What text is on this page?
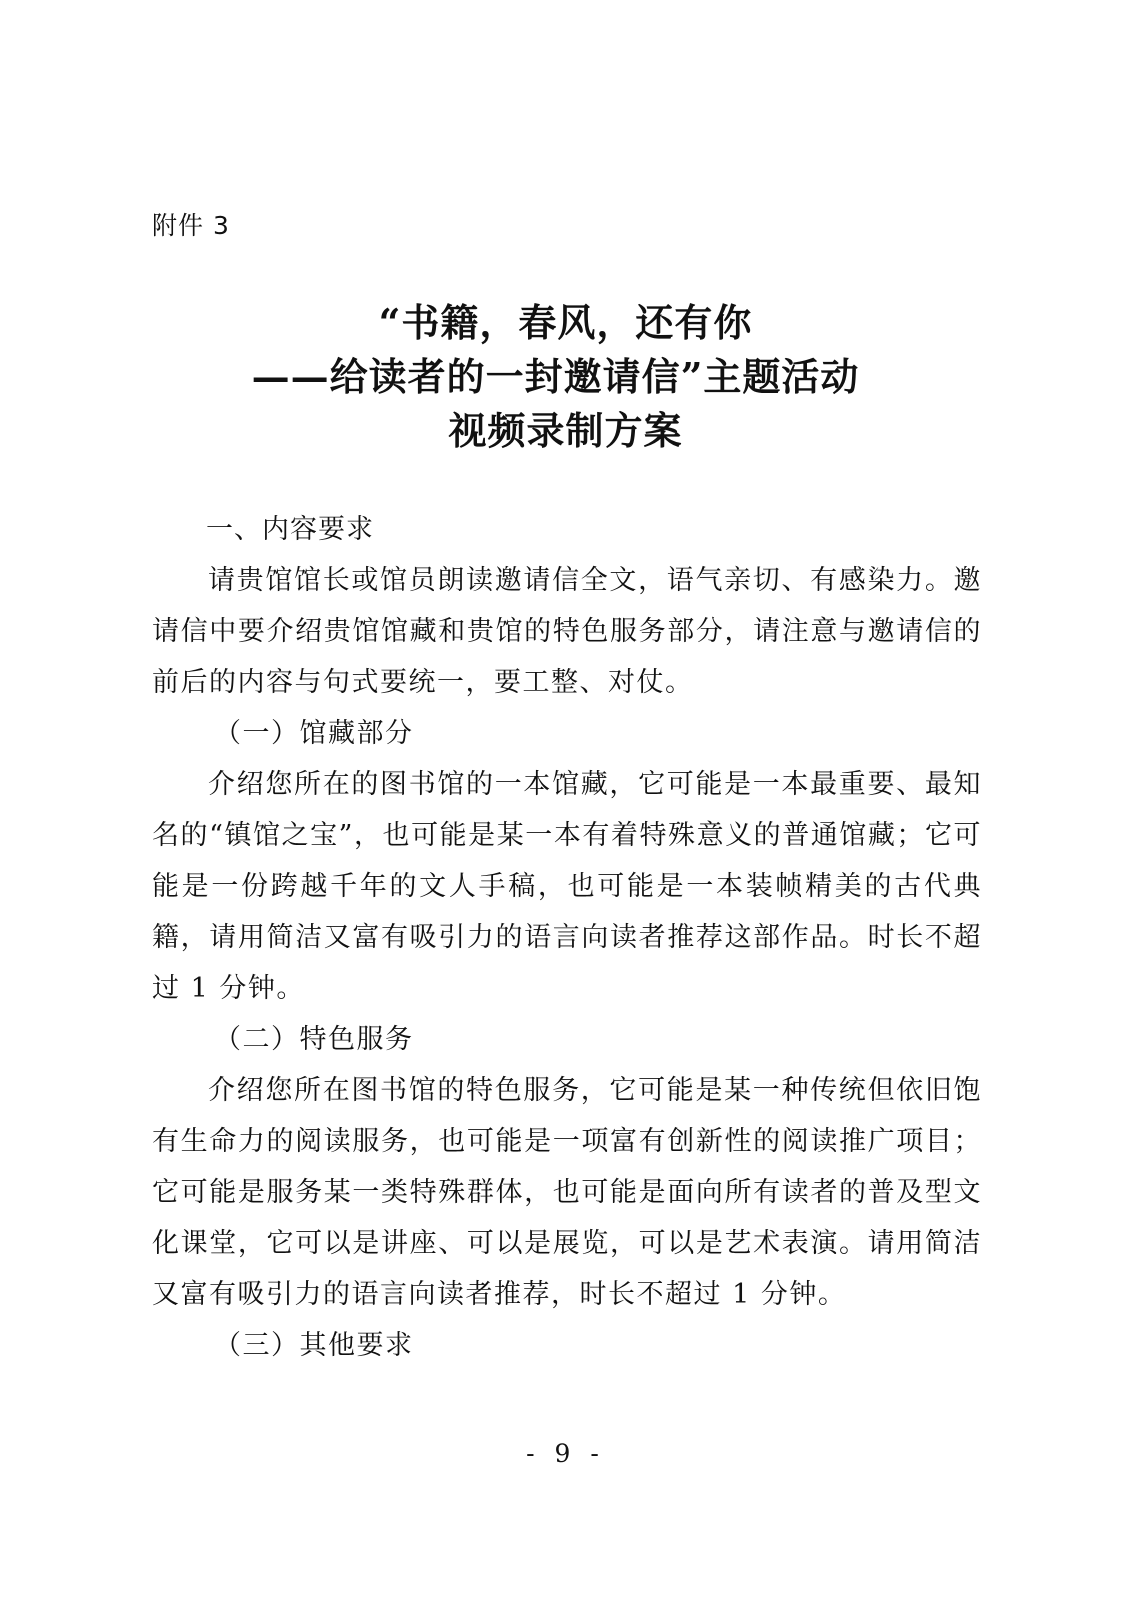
附件 3
“书籍，春风，还有你
——给读者的一封邀请信”主题活动
视频录制方案
一、内容要求

请贵馆馆长或馆员朗读邀请信全文，语气亲切、有感染力。邀请信中要介绍贵馆馆藏和贵馆的特色服务部分，请注意与邀请信的前后的内容与句式要统一，要工整、对仗。

（一）馆藏部分

介绍您所在的图书馆的一本馆藏，它可能是一本最重要、最知名的“镇馆之宝”，也可能是某一本有着特殊意义的普通馆藏；它可能是一份跨越千年的文人手稿，也可能是一本装帧精美的古代典籍，请用简洁又富有吸引力的语言向读者推荐这部作品。时长不超过 1 分钟。

（二）特色服务

介绍您所在图书馆的特色服务，它可能是某一种传统但依旧饱有生命力的阅读服务，也可能是一项富有创新性的阅读推广项目；它可能是服务某一类特殊群体，也可能是面向所有读者的普及型文化课堂，它可以是讲座、可以是展览，可以是艺术表演。请用简洁又富有吸引力的语言向读者推荐，时长不超过 1 分钟。

（三）其他要求
- 9 -
